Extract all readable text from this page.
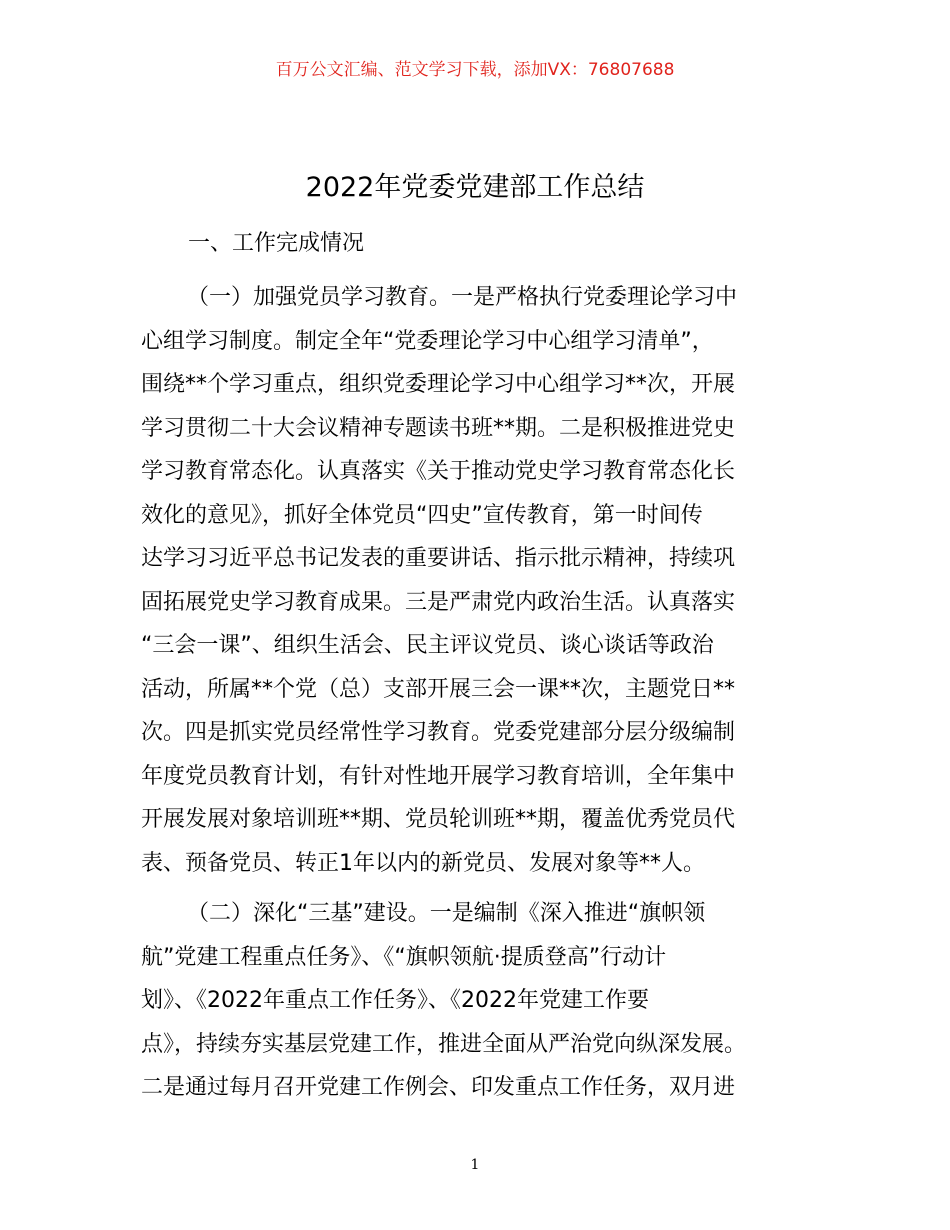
百万公文汇编、范文学习下载，添加VX：76807688
2022年党委党建部工作总结
一、工作完成情况
（一）加强党员学习教育。一是严格执行党委理论学习中
心组学习制度。制定全年“党委理论学习中心组学习清单”，
围绕**个学习重点，组织党委理论学习中心组学习**次，开展
学习贯彻二十大会议精神专题读书班**期。二是积极推进党史
学习教育常态化。认真落实《关于推动党史学习教育常态化长
效化的意见》，抓好全体党员“四史”宣传教育，第一时间传
达学习习近平总书记发表的重要讲话、指示批示精神，持续巩
固拓展党史学习教育成果。三是严肃党内政治生活。认真落实
“三会一课”、组织生活会、民主评议党员、谈心谈话等政治
活动，所属**个党（总）支部开展三会一课**次，主题党日**
次。四是抓实党员经常性学习教育。党委党建部分层分级编制
年度党员教育计划，有针对性地开展学习教育培训，全年集中
开展发展对象培训班**期、党员轮训班**期，覆盖优秀党员代
表、预备党员、转正1年以内的新党员、发展对象等**人。
（二）深化“三基”建设。一是编制《深入推进“旗帜领
航”党建工程重点任务》、《“旗帜领航·提质登高”行动计
划》、《2022年重点工作任务》、《2022年党建工作要
点》，持续夯实基层党建工作，推进全面从严治党向纵深发展。
二是通过每月召开党建工作例会、印发重点工作任务，双月进
1
